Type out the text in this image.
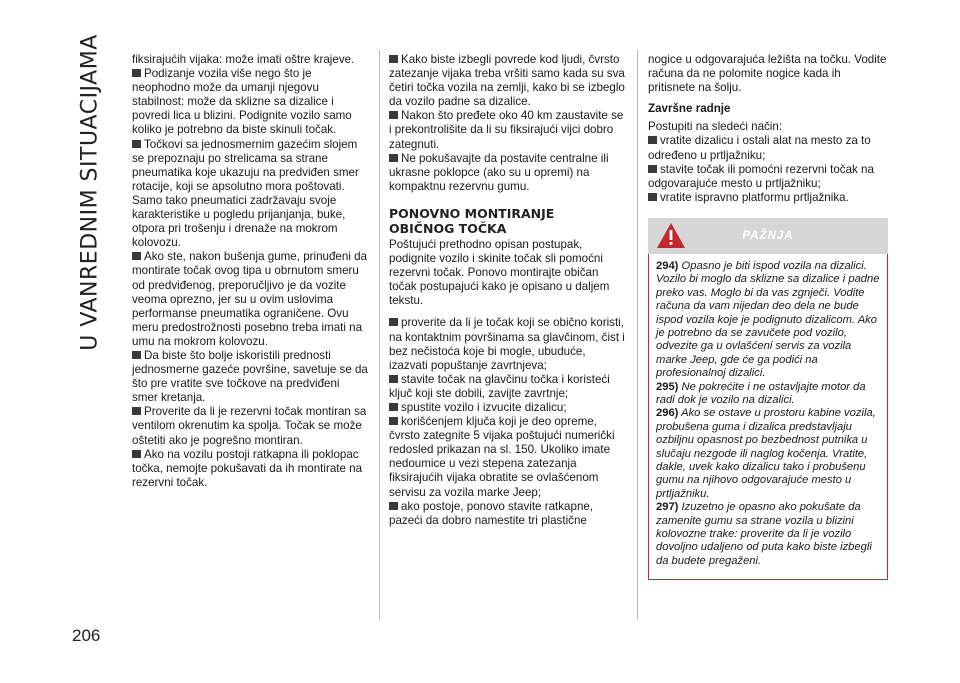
U VANREDNIM SITUACIJAMA
206

fiksirajućih vijaka: može imati oštre krajeve.

Podizanje vozila više nego što je neophodno može da umanji njegovu stabilnost: može da sklizne sa dizalice i povredi lica u blizini. Podignite vozilo samo koliko je potrebno da biste skinuli točak.

Točkovi sa jednosmernim gazećim slojem se prepoznaju po strelicama sa strane pneumatika koje ukazuju na predviđen smer rotacije, koji se apsolutno mora poštovati. Samo tako pneumatici zadržavaju svoje karakteristike u pogledu prijanjanja, buke, otpora pri trošenju i drenaže na mokrom kolovozu.

Ako ste, nakon bušenja gume, prinuđeni da montirate točak ovog tipa u obrnutom smeru od predviđenog, preporučljivo je da vozite veoma oprezno, jer su u ovim uslovima performanse pneumatika ograničene. Ovu meru predostrožnosti posebno treba imati na umu na mokrom kolovozu.

Da biste što bolje iskoristili prednosti jednosmerne gazeće površine, savetuje se da što pre vratite sve točkove na predviđeni smer kretanja.

Proverite da li je rezervni točak montiran sa ventilom okrenutim ka spolja. Točak se može oštetiti ako je pogrešno montiran.

Ako na vozilu postoji ratkapna ili poklopac točka, nemojte pokušavati da ih montirate na rezervni točak.

Kako biste izbegli povrede kod ljudi, čvrsto zatezanje vijaka treba vršiti samo kada su sva četiri točka vozila na zemlji, kako bi se izbeglo da vozilo padne sa dizalice.

Nakon što pređete oko 40 km zaustavite se i prekontrolišite da li su fiksirajući vijci dobro zategnuti.

Ne pokušavajte da postavite centralne ili ukrasne poklopce (ako su u opremi) na kompaktnu rezervnu gumu.

PONOVNO MONTIRANJE
OBIČNOG TOČKA

Poštujući prethodno opisan postupak, podignite vozilo i skinite točak sli pomoćni rezervni točak. Ponovo montirajte običan točak postupajući kako je opisano u daljem tekstu.

proverite da li je točak koji se obično koristi, na kontaktnim površinama sa glavčinom, čist i bez nečistoća koje bi mogle, ubuduće, izazvati popuštanje zavrtnjeva;

stavite točak na glavčinu točka i koristeći ključ koji ste dobili, zavijte zavrtnje;

spustite vozilo i izvucite dizalicu;

korišćenjem ključa koji je deo opreme, čvrsto zategnite 5 vijaka poštujući numerički redosled prikazan na sl. 150. Ukoliko imate nedoumice u vezi stepena zatezanja fiksirajućih vijaka obratite se ovlašćenom servisu za vozila marke Jeep;

ako postoje, ponovo stavite ratkapne, pazeći da dobro namestite tri plastične

nogice u odgovarajuća ležišta na točku. Vodite računa da ne polomite nogice kada ih pritisnete na šolju.

Završne radnje

Postupiti na sledeći način:

vratite dizalicu i ostali alat na mesto za to određeno u prtljažniku;

stavite točak ili pomoćni rezervni točak na odgovarajuće mesto u prtljažniku;

vratite ispravno platformu prtljažnika.

PAŽNJA

294) Opasno je biti ispod vozila na dizalici. Vozilo bi moglo da sklizne sa dizalice i padne preko vas. Moglo bi da vas zgnječi. Vodite računa da vam nijedan deo dela ne bude ispod vozila koje je podignuto dizalicom. Ako je potrebno da se zavučete pod vozilo, odvezite ga u ovlašćeni servis za vozila marke Jeep, gde će ga podići na profesionalnoj dizalici.

295) Ne pokrećite i ne ostavljajte motor da radi dok je vozilo na dizalici.

296) Ako se ostave u prostoru kabine vozila, probušena guma i dizalica predstavljaju ozbiljnu opasnost po bezbednost putnika u slučaju nezgode ili naglog kočenja. Vratite, dakle, uvek kako dizalicu tako i probušenu gumu na njihovo odgovarajuće mesto u prtljažniku.

297) Izuzetno je opasno ako pokušate da zamenite gumu sa strane vozila u blizini kolovozne trake: proverite da li je vozilo dovoljno udaljeno od puta kako biste izbegli da budete pregaženi.
